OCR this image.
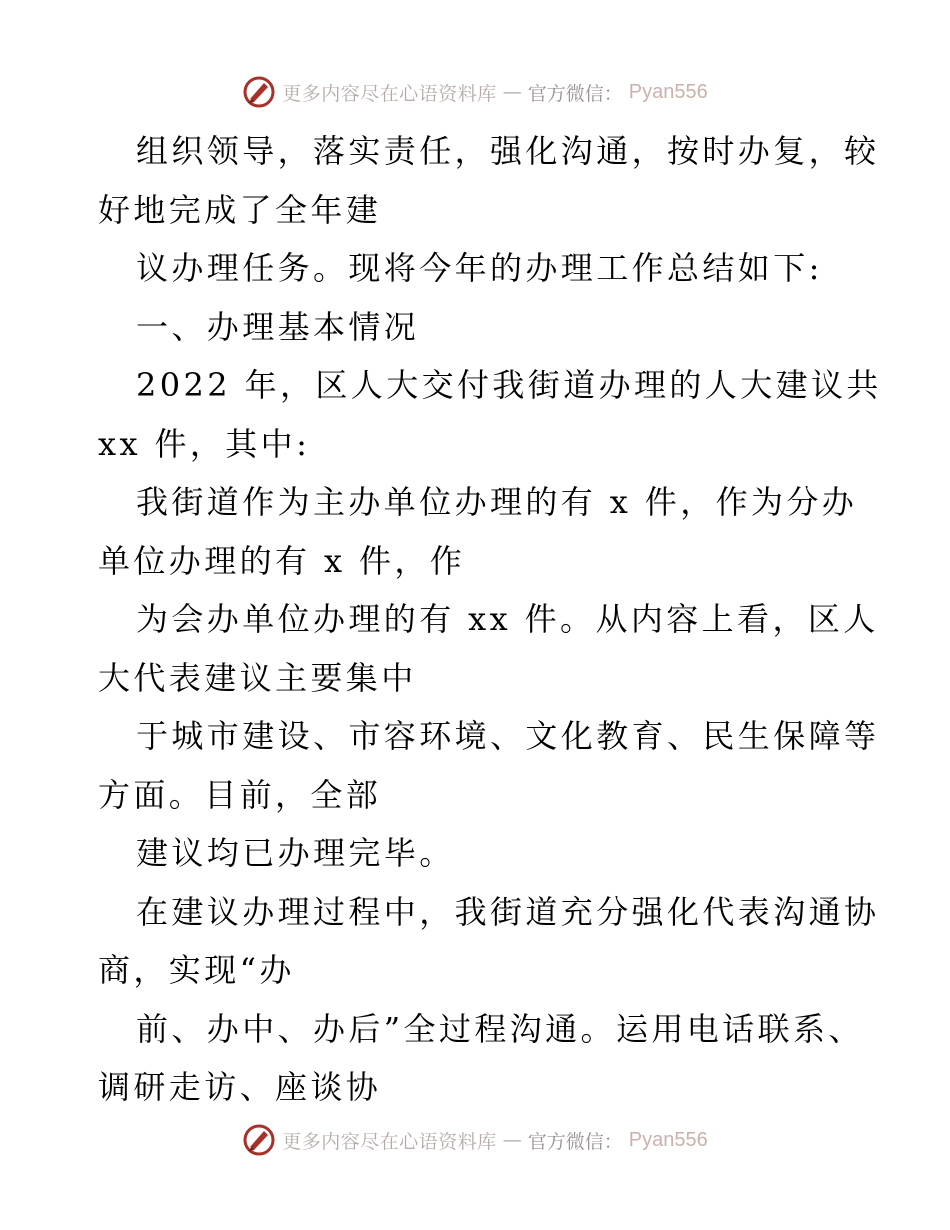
更多内容尽在心语资料库 — 官方微信： Pyan556
组织领导，落实责任，强化沟通，按时办复，较
好地完成了全年建
议办理任务。现将今年的办理工作总结如下:
一、办理基本情况
2022 年，区人大交付我街道办理的人大建议共
xx 件，其中:
我街道作为主办单位办理的有 x 件，作为分办
单位办理的有 x 件，作
为会办单位办理的有 xx 件。从内容上看，区人
大代表建议主要集中
于城市建设、市容环境、文化教育、民生保障等
方面。目前，全部
建议均已办理完毕。
在建议办理过程中，我街道充分强化代表沟通协
商，实现“办
前、办中、办后”全过程沟通。运用电话联系、
调研走访、座谈协
更多内容尽在心语资料库 — 官方微信： Pyan556
